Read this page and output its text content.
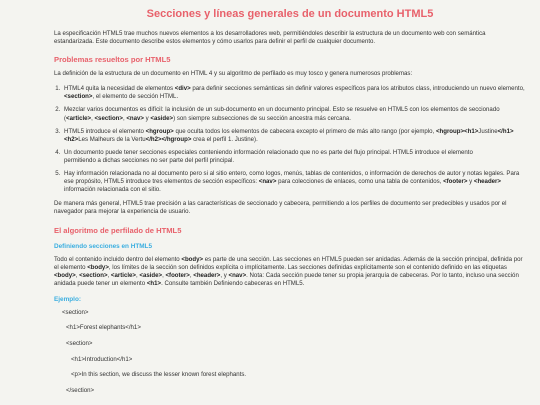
Secciones y líneas generales de un documento HTML5

La especificación HTML5 trae muchos nuevos elementos a los desarrolladores web, permitiéndoles describir la estructura de un documento web con semántica estandarizada. Este documento describe estos elementos y cómo usarlos para definir el perfil de cualquier documento.

Problemas resueltos por HTML5

La definición de la estructura de un documento en HTML 4 y su algoritmo de perfilado es muy tosco y genera numerosos problemas:

1. HTML4 quita la necesidad de elementos <div> para definir secciones semánticas sin definir valores específicos para los atributos class, introduciendo un nuevo elemento, <section>, el elemento de sección HTML.
2. Mezclar varios documentos es difícil: la inclusión de un sub-documento en un documento principal. Esto se resuelve en HTML5 con los elementos de seccionado (<article>, <section>, <nav> y <aside>) son siempre subsecciones de su sección ancestra más cercana.
3. HTML5 introduce el elemento <hgroup> que oculta todos los elementos de cabecera excepto el primero de más alto rango (por ejemplo, <hgroup><h1>Justine</h1><h2>Les Malheurs de la Vertu</h2></hgroup> crea el perfil 1. Justine).
4. Un documento puede tener secciones especiales conteniendo información relacionado que no es parte del flujo principal. HTML5 introduce el elemento
permitiendo a dichas secciones no ser parte del perfil principal.
5. Hay información relacionada no al documento pero si al sitio entero, como logos, menús, tablas de contenidos, o información de derechos de autor y notas legales. Para ese propósito, HTML5 introduce tres elementos de sección específicos: <nav> para colecciones de enlaces, como una tabla de contenidos, <footer> y <header> información relacionada con el sitio.

De manera más general, HTML5 trae precisión a las características de seccionado y cabecera, permitiendo a los perfiles de documento ser predecibles y usados por el navegador para mejorar la experiencia de usuario.

El algoritmo de perfilado de HTML5
Definiendo secciones en HTML5

Todo el contenido incluido dentro del elemento <body> es parte de una sección. Las secciones en HTML5 pueden ser anidadas. Además de la sección principal, definida por el elemento <body>, los límites de la sección son definidos explícita o implícitamente. Las secciones definidas explícitamente son el contenido definido en las etiquetas <body>, <section>, <article>, <aside>, <footer>, <header>, y <nav>. Nota: Cada sección puede tener su propia jerarquía de cabeceras. Por lo tanto, incluso una sección anidada puede tener un elemento <h1>. Consulte también Definiendo cabeceras en HTML5.

Ejemplo:
<section>
<h1>Forest elephants</h1>
<section>
<h1>Introduction</h1>
<p>In this section, we discuss the lesser known forest elephants.
</section>
